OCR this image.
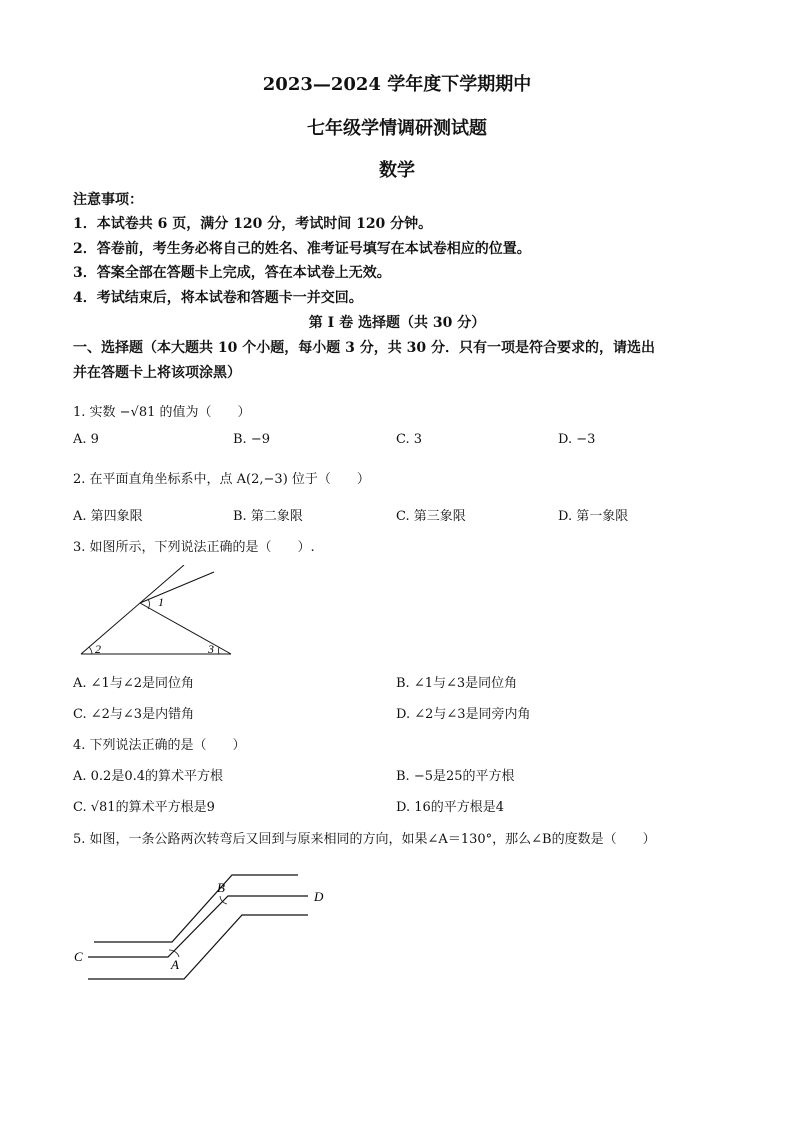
2023—2024 学年度下学期期中
七年级学情调研测试题
数学
注意事项：
1．本试卷共 6 页，满分 120 分，考试时间 120 分钟。
2．答卷前，考生务必将自己的姓名、准考证号填写在本试卷相应的位置。
3．答案全部在答题卡上完成，答在本试卷上无效。
4．考试结束后，将本试卷和答题卡一并交回。
第 I 卷 选择题（共 30 分）
一、选择题（本大题共 10 个小题，每小题 3 分，共 30 分．只有一项是符合要求的，请选出
并在答题卡上将该项涂黑）
1. 实数 −√81 的值为（　　）
A. 9	B. −9	C. 3	D. −3
2. 在平面直角坐标系中，点 A(2,−3) 位于（　　）
A. 第四象限	B. 第二象限	C. 第三象限	D. 第一象限
3. 如图所示，下列说法正确的是（　　）.
1
2	3
A. ∠1与∠2是同位角	B. ∠1与∠3是同位角
C. ∠2与∠3是内错角	D. ∠2与∠3是同旁内角
4. 下列说法正确的是（　　）
A. 0.2是0.4的算术平方根	B. −5是25的平方根
C. √81的算术平方根是9	D. 16的平方根是4
5. 如图，一条公路两次转弯后又回到与原来相同的方向，如果∠A＝130°，那么∠B的度数是（　　）
B
D
C
A
